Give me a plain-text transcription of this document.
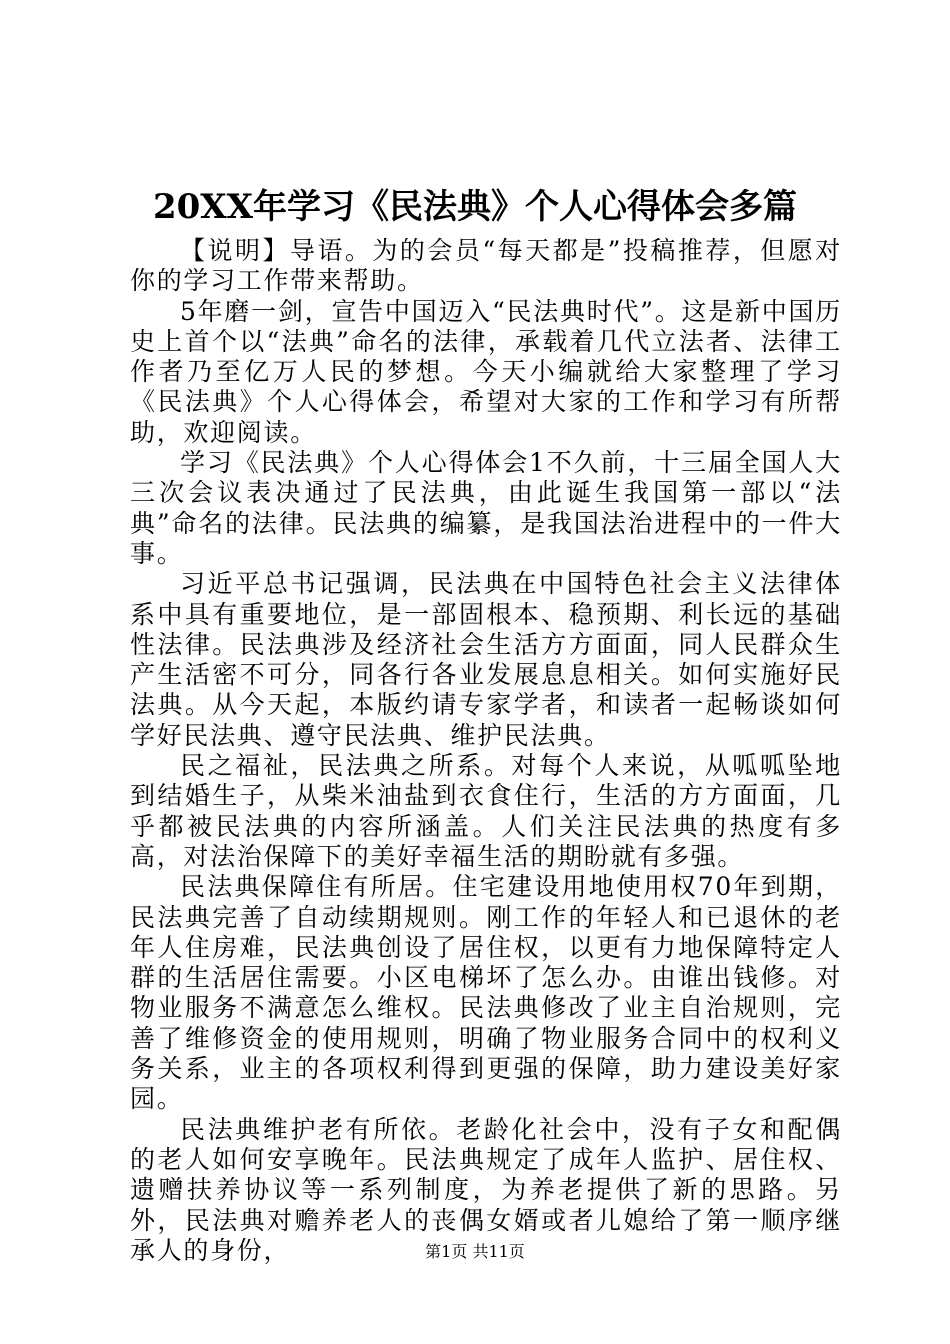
20XX年学习《民法典》个人心得体会多篇

【说明】导语。为的会员“每天都是”投稿推荐，但愿对你的学习工作带来帮助。

5年磨一剑，宣告中国迈入“民法典时代”。这是新中国历史上首个以“法典”命名的法律，承载着几代立法者、法律工作者乃至亿万人民的梦想。今天小编就给大家整理了学习《民法典》个人心得体会，希望对大家的工作和学习有所帮助，欢迎阅读。

学习《民法典》个人心得体会1不久前，十三届全国人大三次会议表决通过了民法典，由此诞生我国第一部以“法典”命名的法律。民法典的编纂，是我国法治进程中的一件大事。

习近平总书记强调，民法典在中国特色社会主义法律体系中具有重要地位，是一部固根本、稳预期、利长远的基础性法律。民法典涉及经济社会生活方方面面，同人民群众生产生活密不可分，同各行各业发展息息相关。如何实施好民法典。从今天起，本版约请专家学者，和读者一起畅谈如何学好民法典、遵守民法典、维护民法典。

民之福祉，民法典之所系。对每个人来说，从呱呱坠地到结婚生子，从柴米油盐到衣食住行，生活的方方面面，几乎都被民法典的内容所涵盖。人们关注民法典的热度有多高，对法治保障下的美好幸福生活的期盼就有多强。

民法典保障住有所居。住宅建设用地使用权70年到期，民法典完善了自动续期规则。刚工作的年轻人和已退休的老年人住房难，民法典创设了居住权，以更有力地保障特定人群的生活居住需要。小区电梯坏了怎么办。由谁出钱修。对物业服务不满意怎么维权。民法典修改了业主自治规则，完善了维修资金的使用规则，明确了物业服务合同中的权利义务关系，业主的各项权利得到更强的保障，助力建设美好家园。

民法典维护老有所依。老龄化社会中，没有子女和配偶的老人如何安享晚年。民法典规定了成年人监护、居住权、遗赠扶养协议等一系列制度，为养老提供了新的思路。另外，民法典对赡养老人的丧偶女婿或者儿媳给了第一顺序继承人的身份，	第1页 共11页
